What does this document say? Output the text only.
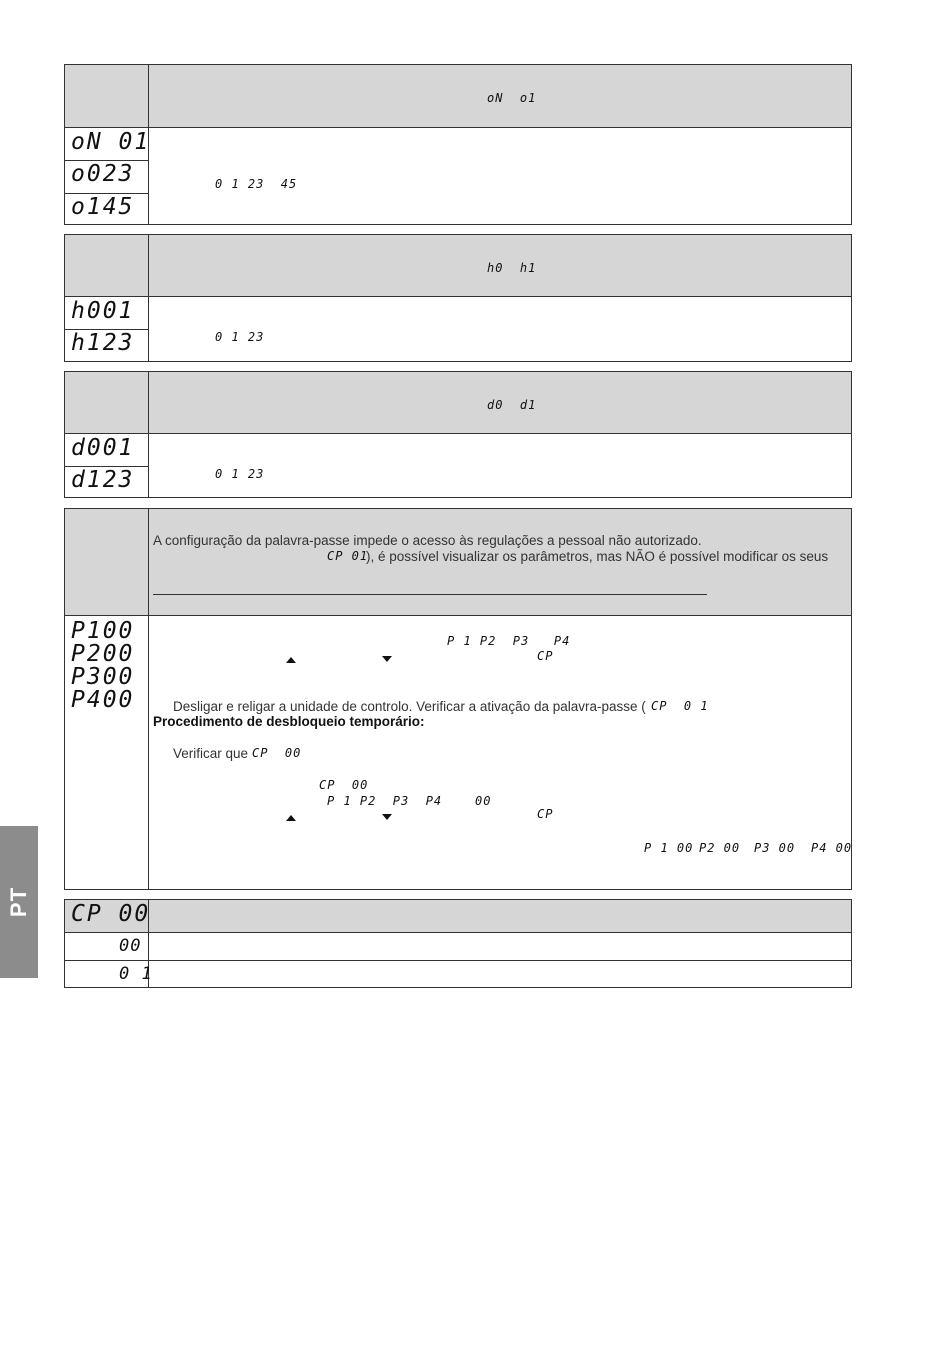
PT
oN  o1
oN 01
o023
o145
0 1 23  45
h0  h1
h001
h123	0 1 23
d0  d1
d001
d123	0 1 23
A configuração da palavra-passe impede o acesso às regulações a pessoal não autorizado.
CP 01
), é possível visualizar os parâmetros, mas NÃO é possível modificar os seus
P100
P200
P300
P400
P 1 P2  P3   P4
CP
Desligar e religar a unidade de controlo. Verificar a ativação da palavra-passe ( CP  0 1
Procedimento de desbloqueio temporário:
Verificar que CP  00
CP  00
P 1 P2  P3  P4    00
CP
P 1 00 P2 00 P3 00 P4 00
CP 00
00
0 1
